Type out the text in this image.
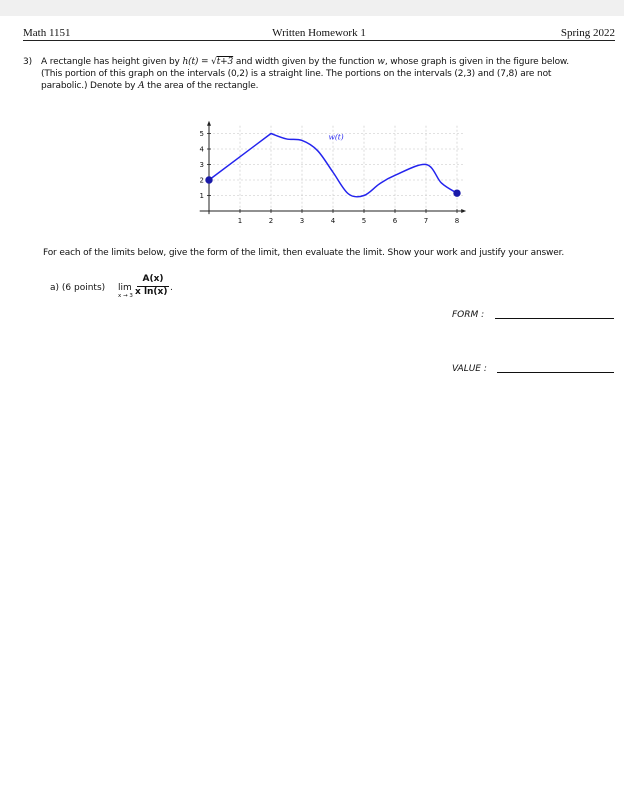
Math 1151	Written Homework 1	Spring 2022
3) A rectangle has height given by h(t) = √t+3 and width given by the function w, whose graph is given in the figure below.
(This portion of this graph on the intervals (0,2) is a straight line. The portions on the intervals (2,3) and (7,8) are not
parabolic.) Denote by A the area of the rectangle.
1	2	3	4	5	6	7	8
1
2
3
4
5	w(t)
For each of the limits below, give the form of the limit, then evaluate the limit. Show your work and justify your answer.
a) (6 points) lim
x → 3
A(x)
x ln(x) .
FORM :
VALUE :
